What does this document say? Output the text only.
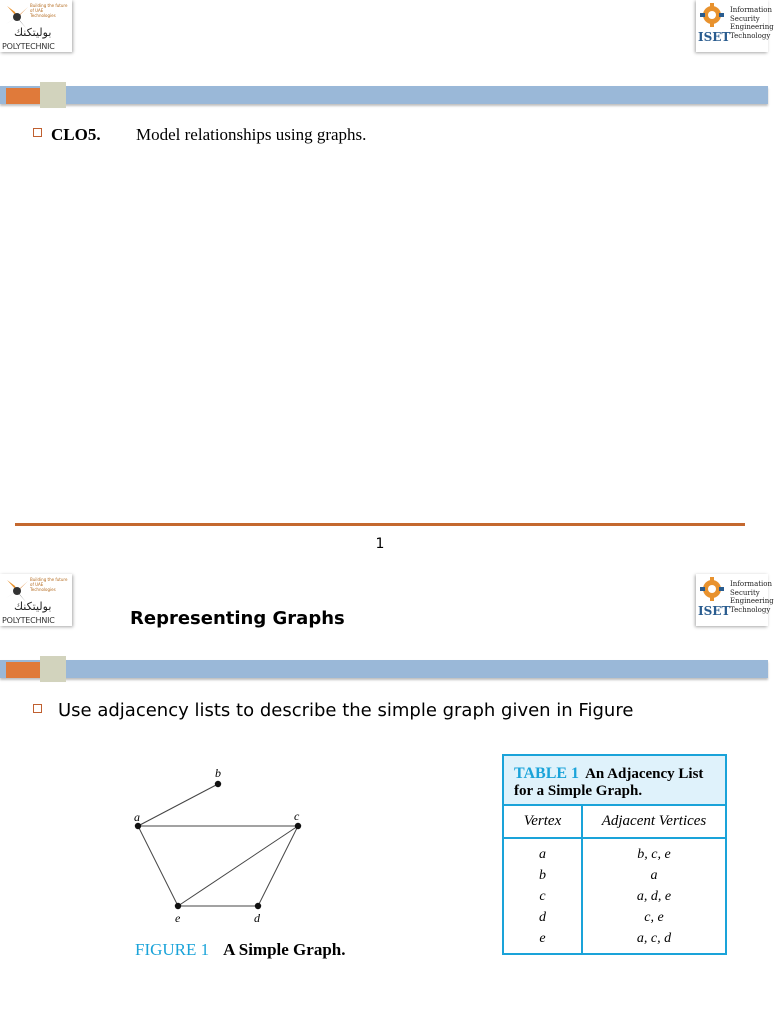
Building the future of UAE Technologies
بوليتكنك
POLYTECHNIC
ISET
Information
Security
Engineering
Technology
CLO5. Model relationships using graphs.
1
Building the future of UAE Technologies
بوليتكنك
POLYTECHNIC	Representing Graphs	ISET
Information
Security
Engineering
Technology
Use adjacency lists to describe the simple graph given in Figure
a
b
c
d
e
FIGURE 1 A Simple Graph.
TABLE 1 An Adjacency List
for a Simple Graph.
Vertex	Adjacent Vertices
a	b, c, e
b	a
c	a, d, e
d	c, e
e	a, c, d
